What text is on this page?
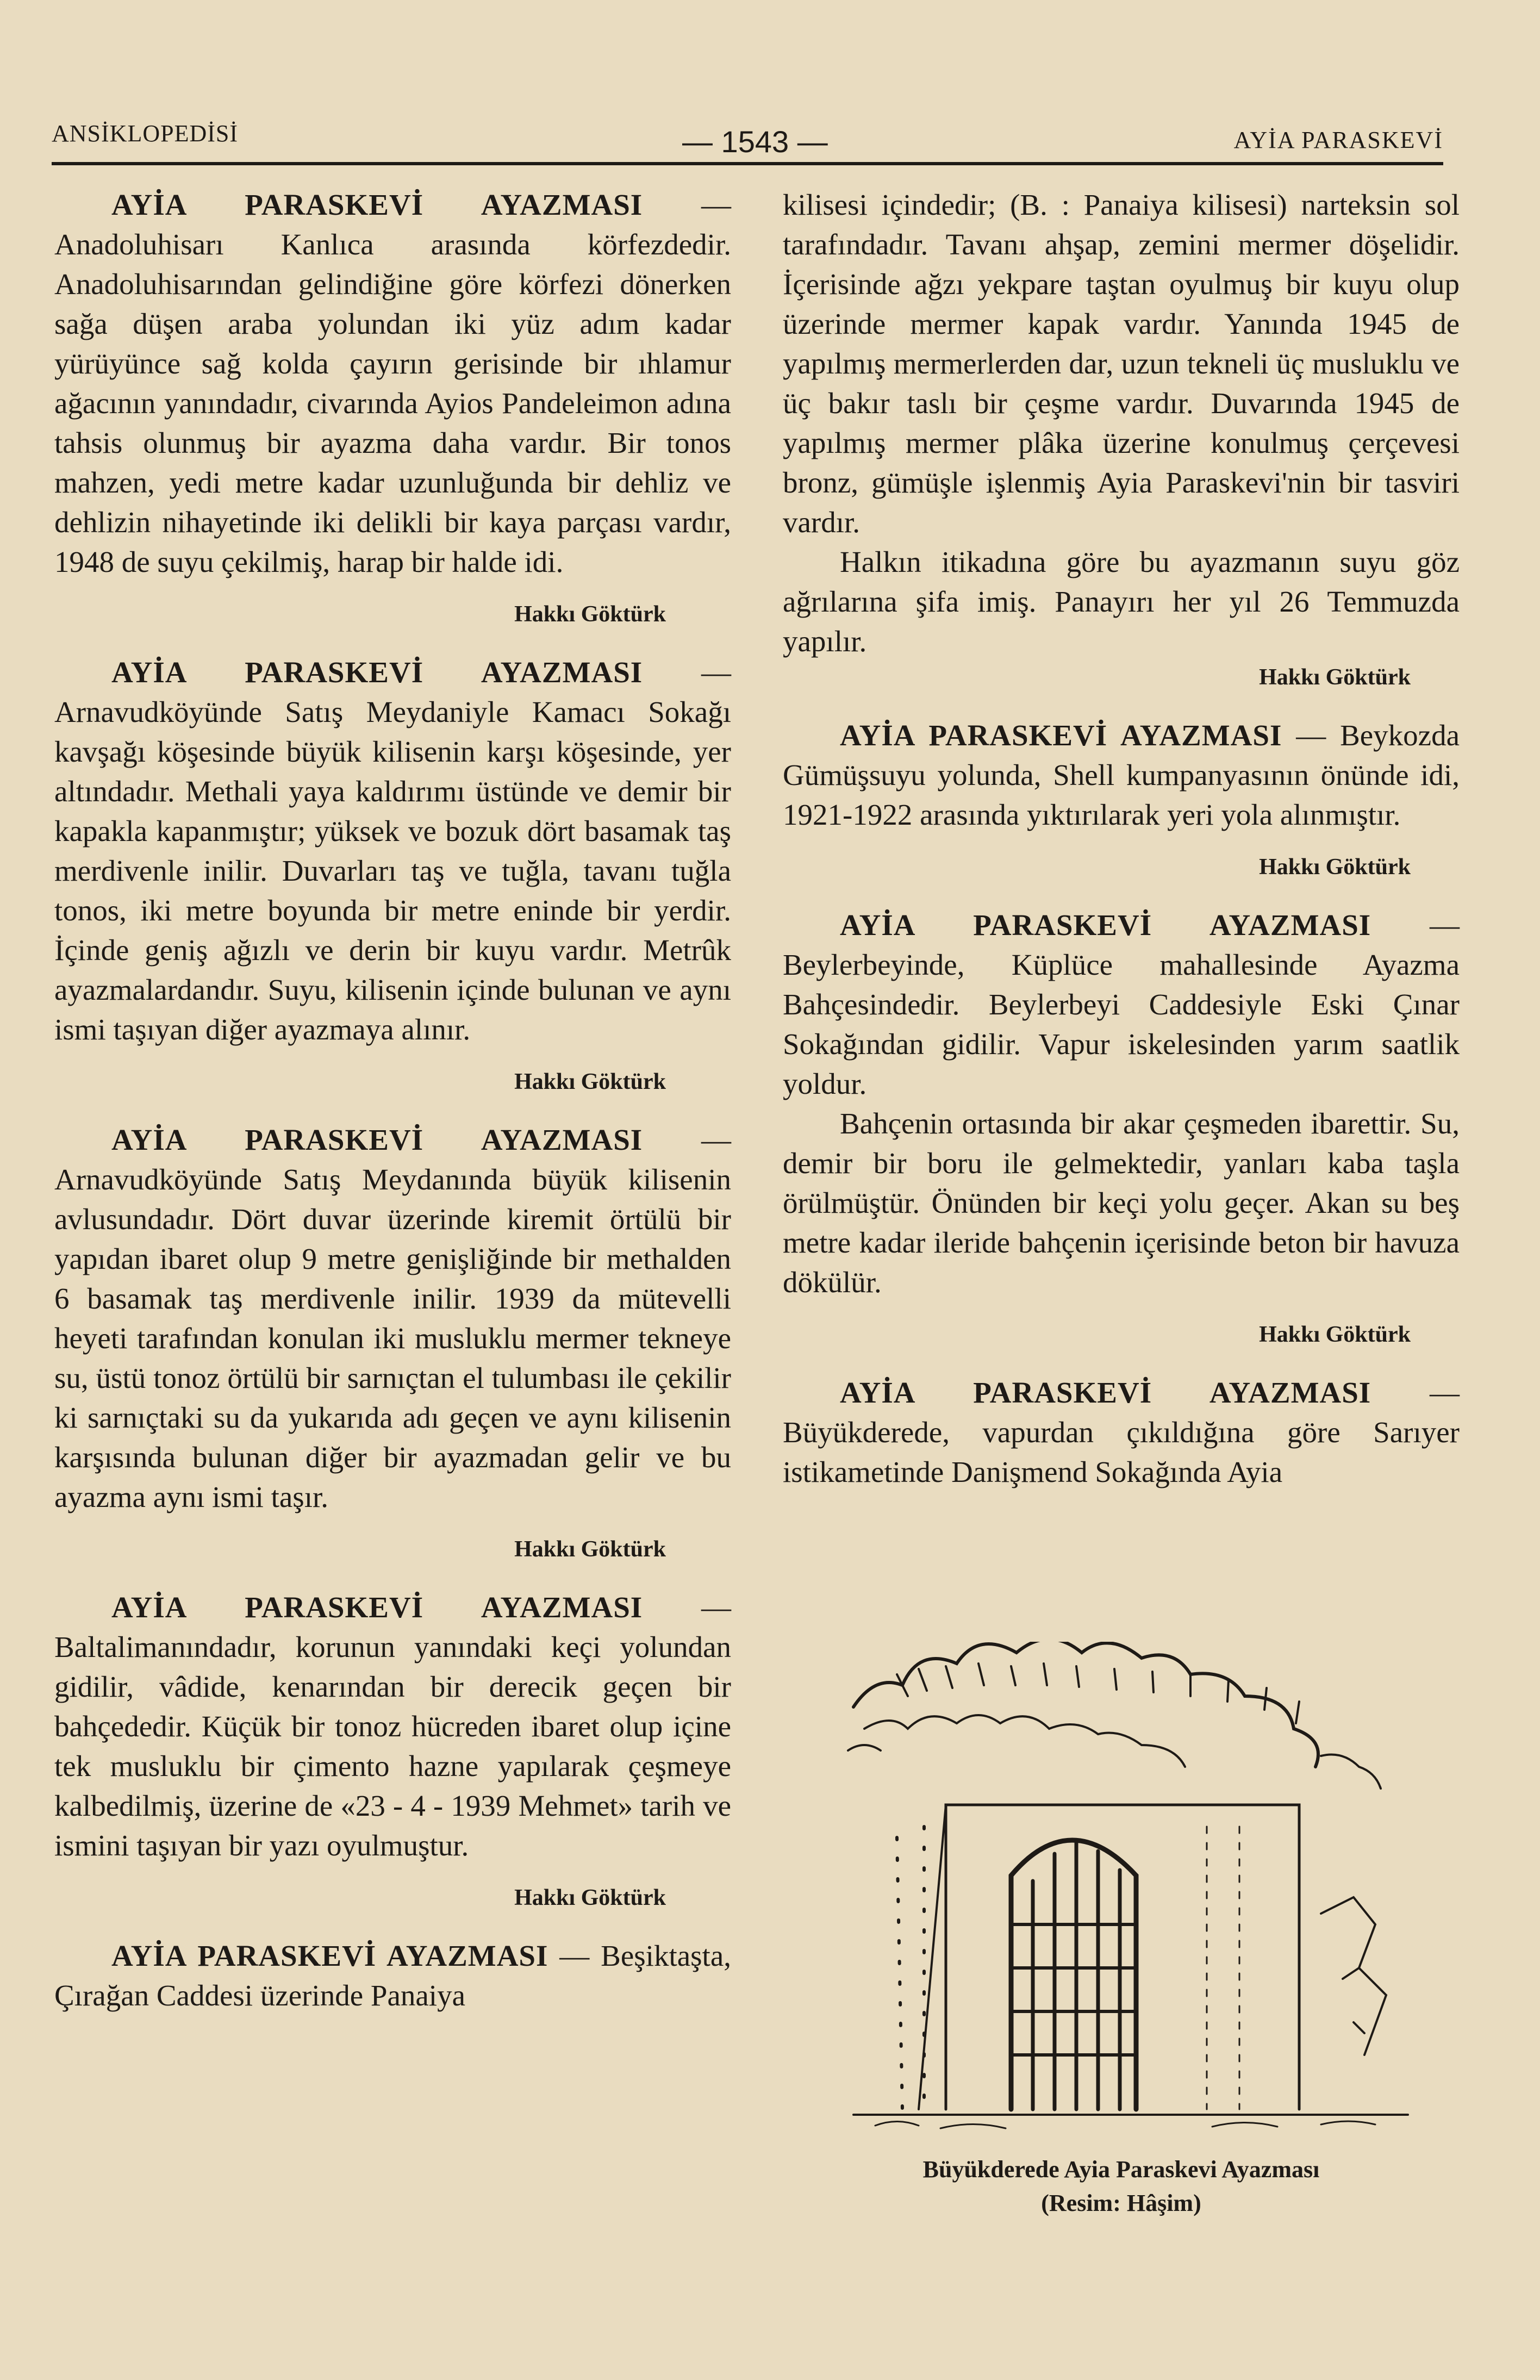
ANSİKLOPEDİSİ	— 1543 —	AYİA PARASKEVİ

AYİA PARASKEVİ AYAZMASI — Anadoluhisarı Kanlıca arasında körfezdedir. Anadoluhisarından gelindiğine göre körfezi dönerken sağa düşen araba yolundan iki yüz adım kadar yürüyünce sağ kolda çayırın gerisinde bir ıhlamur ağacının yanındadır, civarında Ayios Pandeleimon adına tahsis olunmuş bir ayazma daha vardır. Bir tonos mahzen, yedi metre kadar uzunluğunda bir dehliz ve dehlizin nihayetinde iki delikli bir kaya parçası vardır, 1948 de suyu çekilmiş, harap bir halde idi.

Hakkı Göktürk

AYİA PARASKEVİ AYAZMASI — Arnavudköyünde Satış Meydaniyle Kamacı Sokağı kavşağı köşesinde büyük kilisenin karşı köşesinde, yer altındadır. Methali yaya kaldırımı üstünde ve demir bir kapakla kapanmıştır; yüksek ve bozuk dört basamak taş merdivenle inilir. Duvarları taş ve tuğla, tavanı tuğla tonos, iki metre boyunda bir metre eninde bir yerdir. İçinde geniş ağızlı ve derin bir kuyu vardır. Metrûk ayazmalardandır. Suyu, kilisenin içinde bulunan ve aynı ismi taşıyan diğer ayazmaya alınır.

Hakkı Göktürk

AYİA PARASKEVİ AYAZMASI — Arnavudköyünde Satış Meydanında büyük kilisenin avlusundadır. Dört duvar üzerinde kiremit örtülü bir yapıdan ibaret olup 9 metre genişliğinde bir methalden 6 basamak taş merdivenle inilir. 1939 da mütevelli heyeti tarafından konulan iki musluklu mermer tekneye su, üstü tonoz örtülü bir sarnıçtan el tulumbası ile çekilir ki sarnıçtaki su da yukarıda adı geçen ve aynı kilisenin karşısında bulunan diğer bir ayazmadan gelir ve bu ayazma aynı ismi taşır.

Hakkı Göktürk

AYİA PARASKEVİ AYAZMASI — Baltalimanındadır, korunun yanındaki keçi yolundan gidilir, vâdide, kenarından bir derecik geçen bir bahçededir. Küçük bir tonoz hücreden ibaret olup içine tek musluklu bir çimento hazne yapılarak çeşmeye kalbedilmiş, üzerine de «23 - 4 - 1939 Mehmet» tarih ve ismini taşıyan bir yazı oyulmuştur.

Hakkı Göktürk

AYİA PARASKEVİ AYAZMASI — Beşiktaşta, Çırağan Caddesi üzerinde Panaiya

kilisesi içindedir; (B. : Panaiya kilisesi) narteksin sol tarafındadır. Tavanı ahşap, zemini mermer döşelidir. İçerisinde ağzı yekpare taştan oyulmuş bir kuyu olup üzerinde mermer kapak vardır. Yanında 1945 de yapılmış mermerlerden dar, uzun tekneli üç musluklu ve üç bakır taslı bir çeşme vardır. Duvarında 1945 de yapılmış mermer plâka üzerine konulmuş çerçevesi bronz, gümüşle işlenmiş Ayia Paraskevi'nin bir tasviri vardır.

Halkın itikadına göre bu ayazmanın suyu göz ağrılarına şifa imiş. Panayırı her yıl 26 Temmuzda yapılır.

Hakkı Göktürk

AYİA PARASKEVİ AYAZMASI — Beykozda Gümüşsuyu yolunda, Shell kumpanyasının önünde idi, 1921-1922 arasında yıktırılarak yeri yola alınmıştır.

Hakkı Göktürk

AYİA PARASKEVİ AYAZMASI — Beylerbeyinde, Küplüce mahallesinde Ayazma Bahçesindedir. Beylerbeyi Caddesiyle Eski Çınar Sokağından gidilir. Vapur iskelesinden yarım saatlik yoldur.

Bahçenin ortasında bir akar çeşmeden ibarettir. Su, demir bir boru ile gelmektedir, yanları kaba taşla örülmüştür. Önünden bir keçi yolu geçer. Akan su beş metre kadar ileride bahçenin içerisinde beton bir havuza dökülür.

Hakkı Göktürk

AYİA PARASKEVİ AYAZMASI — Büyükderede, vapurdan çıkıldığına göre Sarıyer istikametinde Danişmend Sokağında Ayia

Büyükderede Ayia Paraskevi Ayazması
(Resim: Hâşim)
